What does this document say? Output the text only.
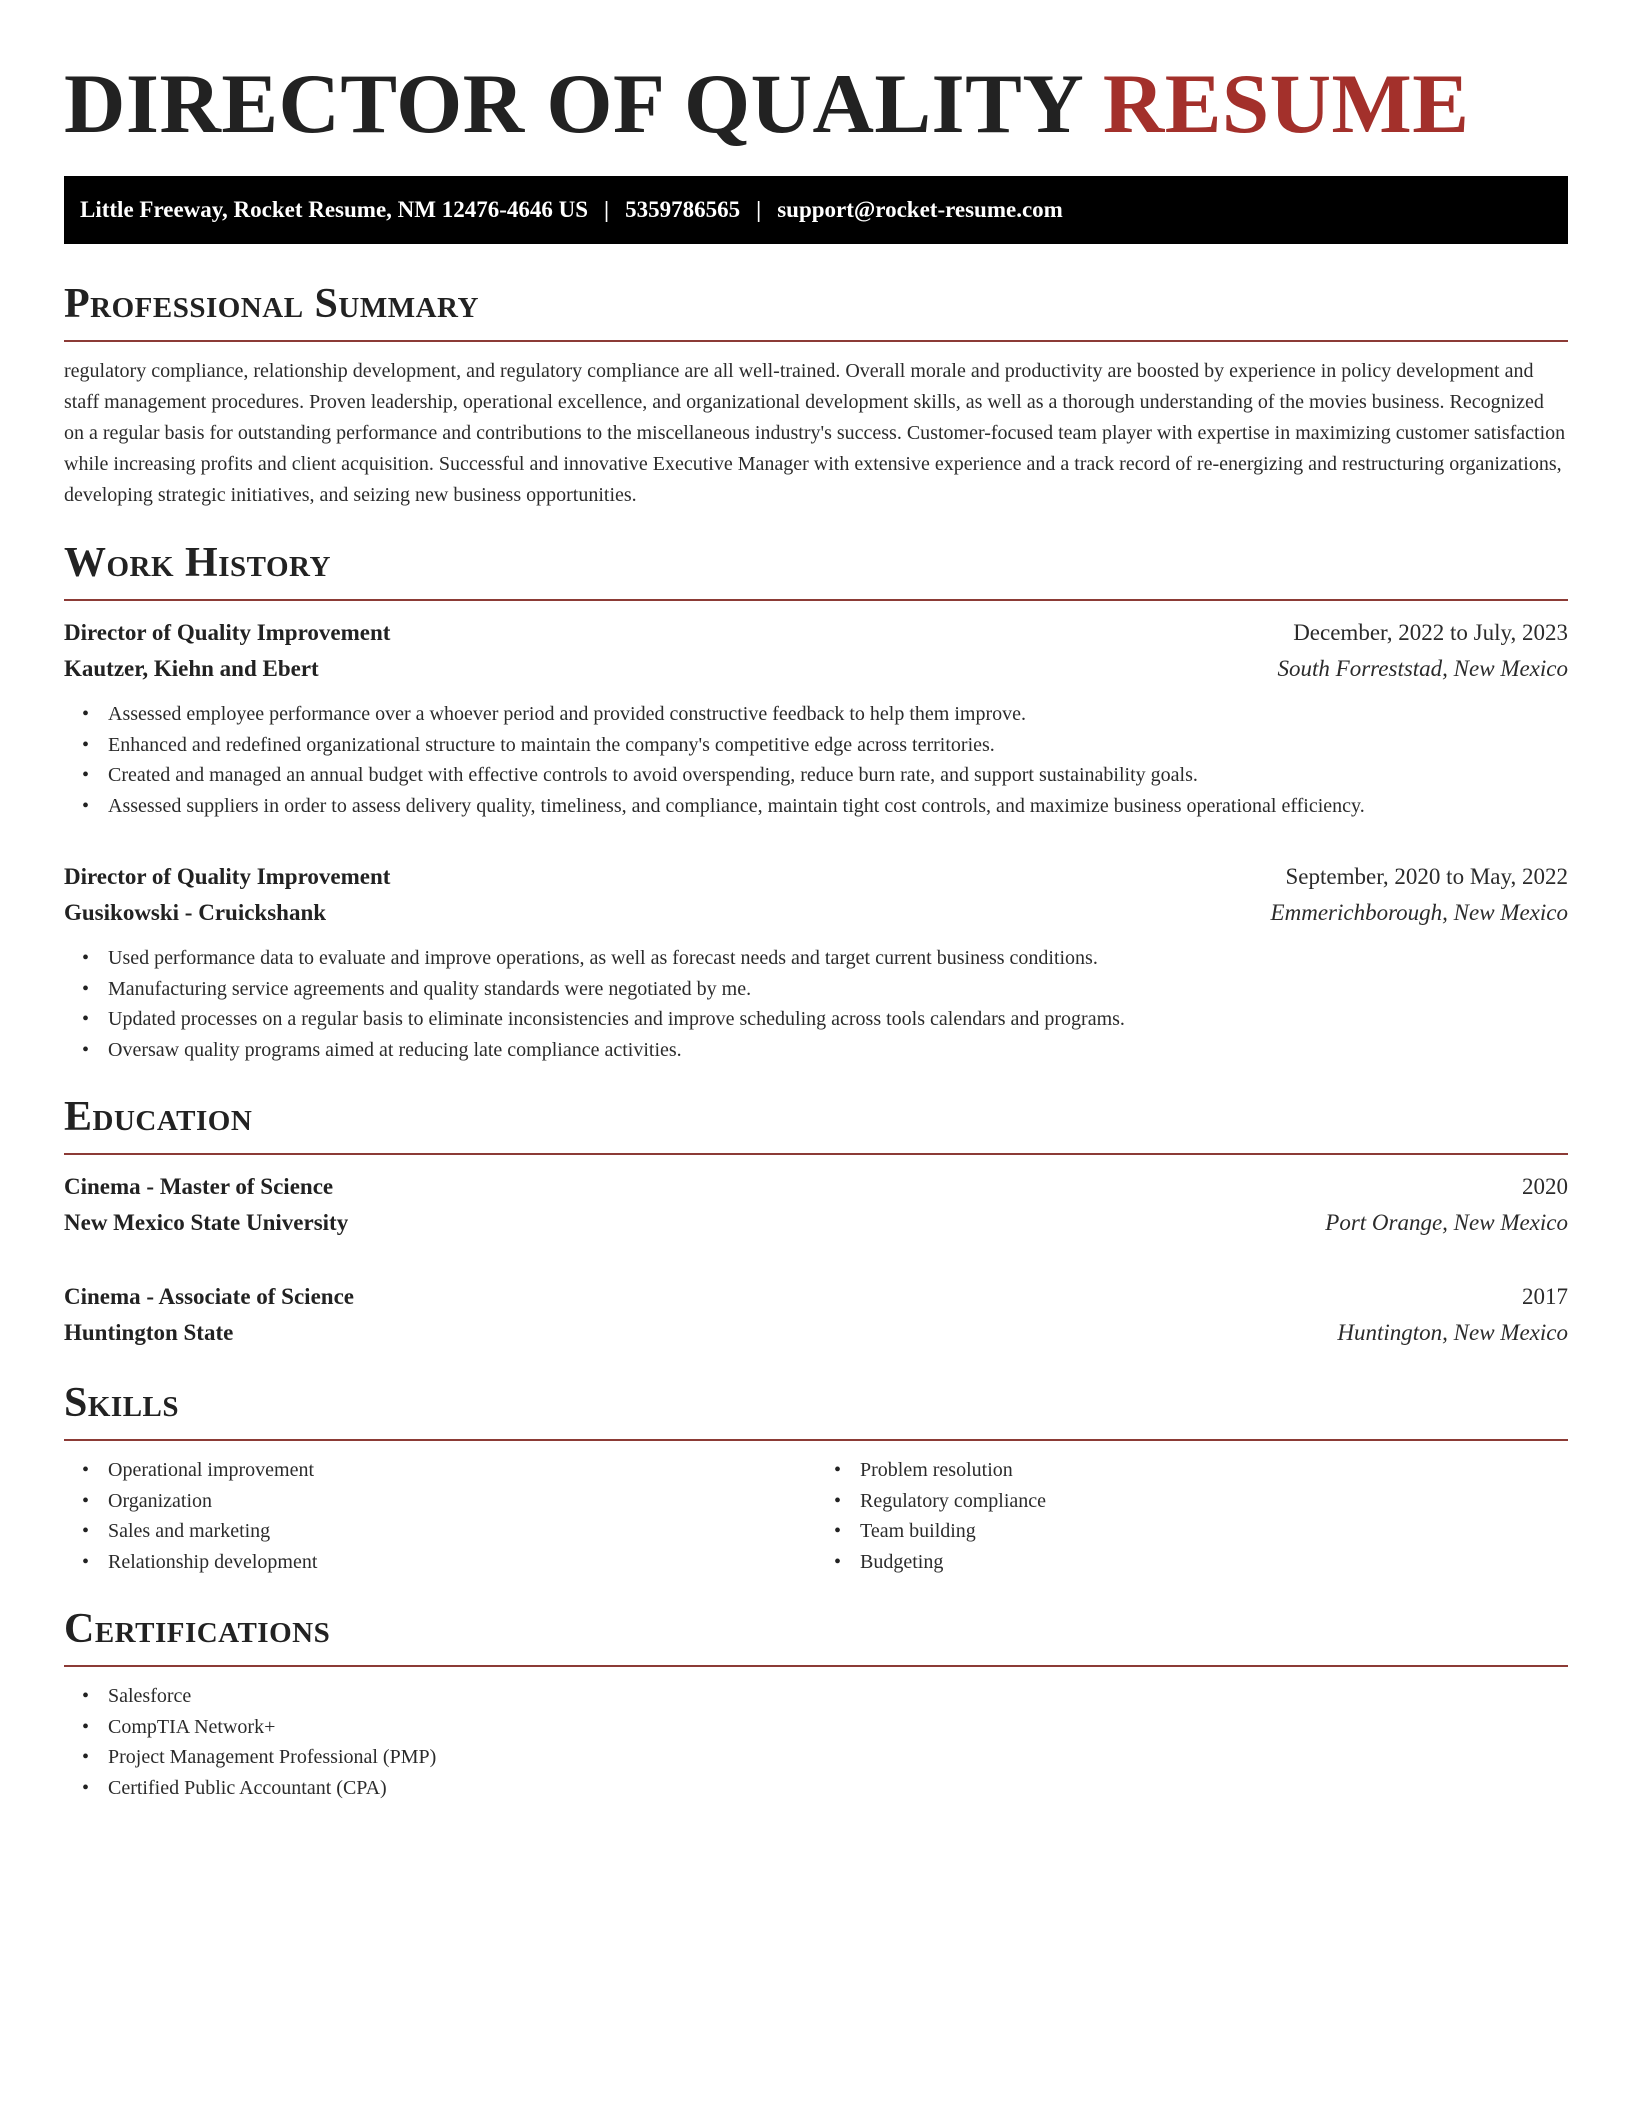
DIRECTOR OF QUALITY RESUME
Little Freeway, Rocket Resume, NM 12476-4646 US | 5359786565 | support@rocket-resume.com
Professional Summary

regulatory compliance, relationship development, and regulatory compliance are all well-trained. Overall morale and productivity are boosted by experience in policy development and staff management procedures. Proven leadership, operational excellence, and organizational development skills, as well as a thorough understanding of the movies business. Recognized on a regular basis for outstanding performance and contributions to the miscellaneous industry's success. Customer-focused team player with expertise in maximizing customer satisfaction while increasing profits and client acquisition. Successful and innovative Executive Manager with extensive experience and a track record of re-energizing and restructuring organizations, developing strategic initiatives, and seizing new business opportunities.

Work History
Director of Quality Improvement	December, 2022 to July, 2023
Kautzer, Kiehn and Ebert	South Forreststad, New Mexico
• Assessed employee performance over a whoever period and provided constructive feedback to help them improve.
• Enhanced and redefined organizational structure to maintain the company's competitive edge across territories.
• Created and managed an annual budget with effective controls to avoid overspending, reduce burn rate, and support sustainability goals.
• Assessed suppliers in order to assess delivery quality, timeliness, and compliance, maintain tight cost controls, and maximize business operational efficiency.
Director of Quality Improvement	September, 2020 to May, 2022
Gusikowski - Cruickshank	Emmerichborough, New Mexico
• Used performance data to evaluate and improve operations, as well as forecast needs and target current business conditions.
• Manufacturing service agreements and quality standards were negotiated by me.
• Updated processes on a regular basis to eliminate inconsistencies and improve scheduling across tools calendars and programs.
• Oversaw quality programs aimed at reducing late compliance activities.
Education
Cinema - Master of Science	2020
New Mexico State University	Port Orange, New Mexico
Cinema - Associate of Science	2017
Huntington State	Huntington, New Mexico
Skills
• Operational improvement
• Organization
• Sales and marketing
• Relationship development
• Problem resolution
• Regulatory compliance
• Team building
• Budgeting
Certifications
• Salesforce
• CompTIA Network+
• Project Management Professional (PMP)
• Certified Public Accountant (CPA)
